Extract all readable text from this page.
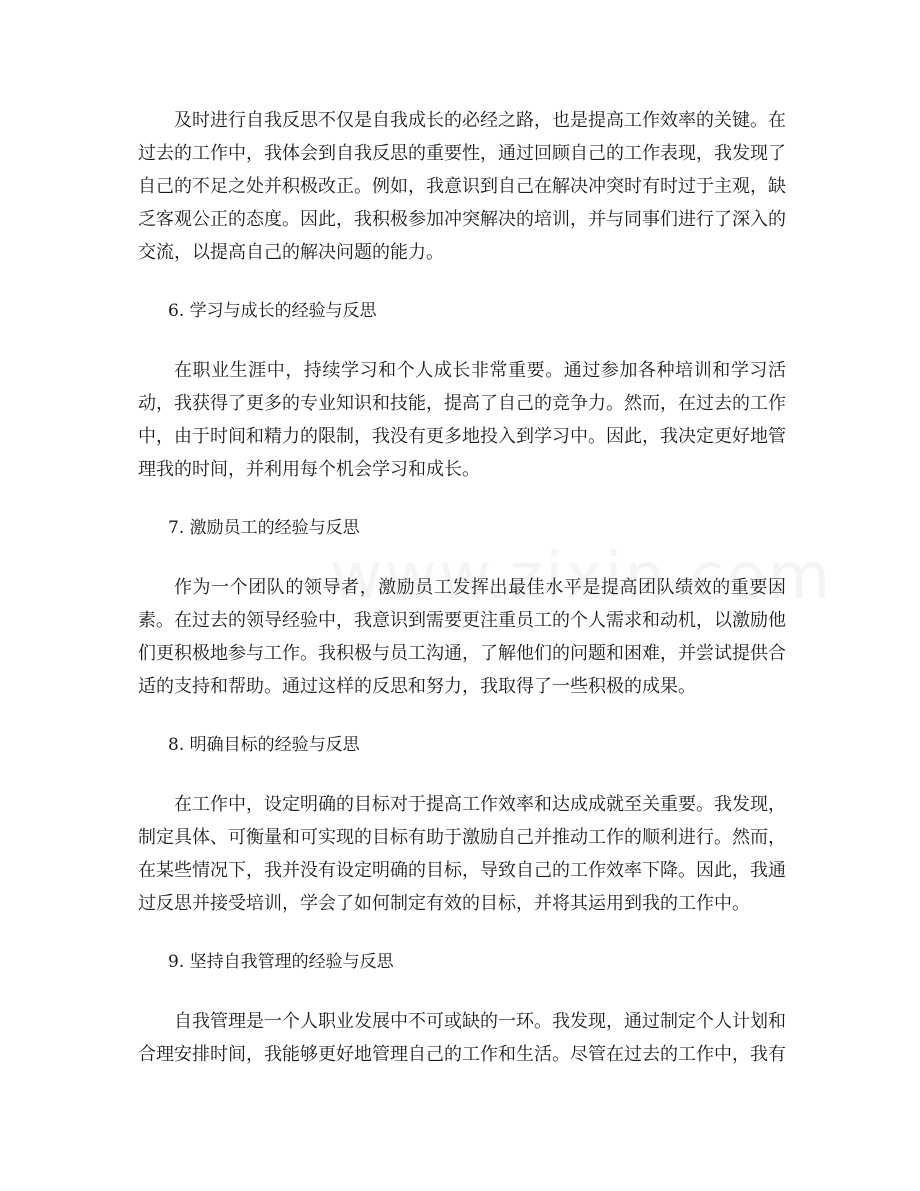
及时进行自我反思不仅是自我成长的必经之路，也是提高工作效率的关键。在过去的工作中，我体会到自我反思的重要性，通过回顾自己的工作表现，我发现了自己的不足之处并积极改正。例如，我意识到自己在解决冲突时有时过于主观，缺乏客观公正的态度。因此，我积极参加冲突解决的培训，并与同事们进行了深入的交流，以提高自己的解决问题的能力。

6. 学习与成长的经验与反思

在职业生涯中，持续学习和个人成长非常重要。通过参加各种培训和学习活动，我获得了更多的专业知识和技能，提高了自己的竞争力。然而，在过去的工作中，由于时间和精力的限制，我没有更多地投入到学习中。因此，我决定更好地管理我的时间，并利用每个机会学习和成长。

7. 激励员工的经验与反思

作为一个团队的领导者，激励员工发挥出最佳水平是提高团队绩效的重要因素。在过去的领导经验中，我意识到需要更注重员工的个人需求和动机，以激励他们更积极地参与工作。我积极与员工沟通，了解他们的问题和困难，并尝试提供合适的支持和帮助。通过这样的反思和努力，我取得了一些积极的成果。

8. 明确目标的经验与反思

在工作中，设定明确的目标对于提高工作效率和达成成就至关重要。我发现，制定具体、可衡量和可实现的目标有助于激励自己并推动工作的顺利进行。然而，在某些情况下，我并没有设定明确的目标，导致自己的工作效率下降。因此，我通过反思并接受培训，学会了如何制定有效的目标，并将其运用到我的工作中。

9. 坚持自我管理的经验与反思

自我管理是一个人职业发展中不可或缺的一环。我发现，通过制定个人计划和合理安排时间，我能够更好地管理自己的工作和生活。尽管在过去的工作中，我有
